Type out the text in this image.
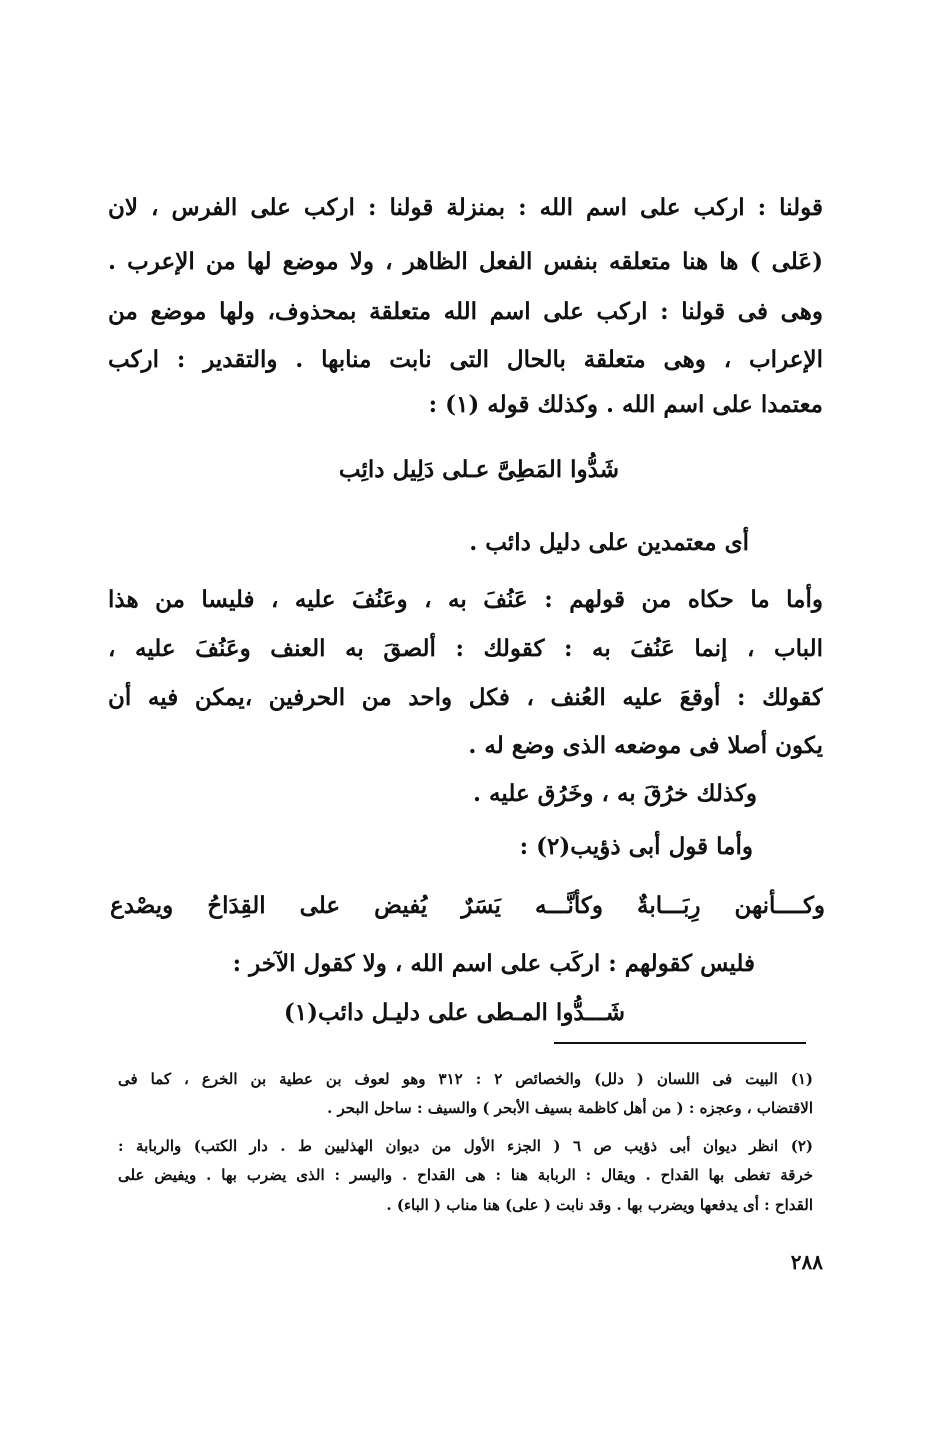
قولنا : اركب على اسم الله : بمنزلة قولنا : اركب على الفرس ، لان
(عَلى ) ها هنا متعلقه بنفس الفعل الظاهر ، ولا موضع لها من الإعرب .
وهى فى قولنا : اركب على اسم الله متعلقة بمحذوف، ولها موضع من
الإعراب ، وهى متعلقة بالحال التى نابت منابها . والتقدير : اركب
معتمدا على اسم الله . وكذلك قوله (١) :
شَدُّوا المَطِىَّ عـلى دَلِيل دائِب
أى معتمدين على دليل دائب .
وأما ما حكاه من قولهم : عَنُفَ به ، وعَنُفَ عليه ، فليسا من هذا
الباب ، إنما عَنُفَ به : كقولك : ألصقَ به العنف وعَنُفَ عليه ،
كقولك : أوقعَ عليه العُنف ، فكل واحد من الحرفين ،يمكن فيه أن
يكون أصلا فى موضعه الذى وضع له .
وكذلك خرُقَ به ، وخَرُق عليه .
وأما قول أبى ذؤيب(٢) :
وكــــأنهن رِبَـــابةٌ وكأنَّـــه يَسَرٌ يُفيض على القِدَاحُ ويصْدع
فليس كقولهم : اركَب على اسم الله ، ولا كقول الآخر :
شَـــدُّوا المـطى على دليـل دائب(١)
(١) البيت فى اللسان ( دلل) والخصائص ٢ : ٣١٢ وهو لعوف بن عطية بن الخرع ، كما فى
الاقتضاب ، وعجزه : ( من أهل كاظمة بسيف الأبحر ) والسيف : ساحل البحر .
(٢) انظر ديوان أبى ذؤيب ص ٦ ( الجزء الأول من ديوان الهذليين ط . دار الكتب) والربابة :
خرقة تغطى بها القداح . ويقال : الربابة هنا : هى القداح . واليسر : الذى يضرب بها . ويفيض على
القداح : أى يدفعها ويضرب بها . وقد نابت ( على) هنا مناب ( الباء) .
٢٨٨
